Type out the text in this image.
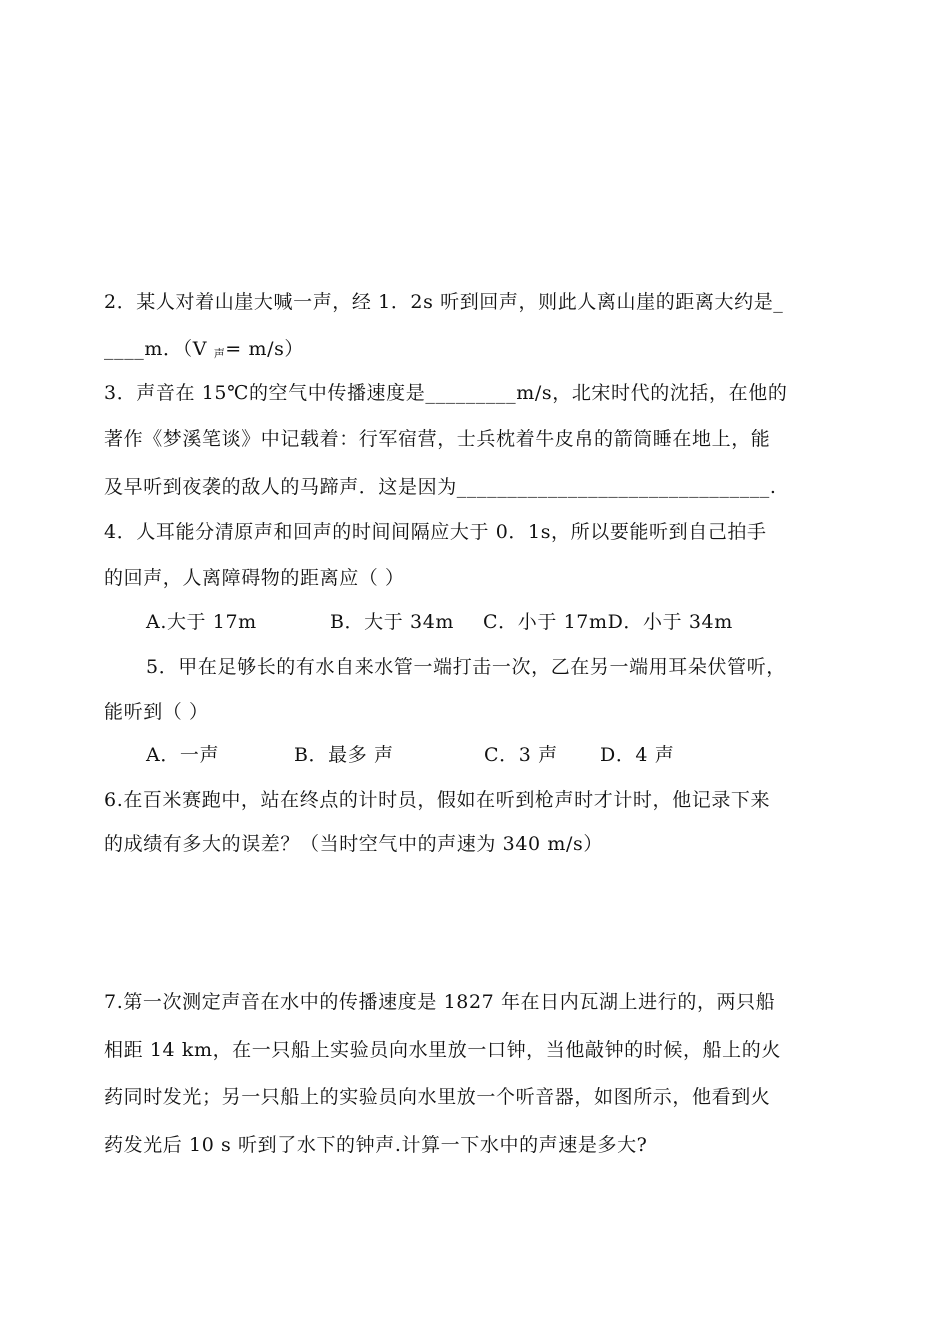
2．某人对着山崖大喊一声，经 1．2s 听到回声，则此人离山崖的距离大约是_
____m．（V 声= m/s）
3．声音在 15℃的空气中传播速度是_________m/s，北宋时代的沈括，在他的
著作《梦溪笔谈》中记载着：行军宿营，士兵枕着牛皮帛的箭筒睡在地上，能
及早听到夜袭的敌人的马蹄声．这是因为_______________________________.
4．人耳能分清原声和回声的时间间隔应大于 0．1s，所以要能听到自己拍手
的回声，人离障碍物的距离应（ ）
A.大于 17m	B．大于 34m C．小于 17mD．小于 34m
5．甲在足够长的有水自来水管一端打击一次，乙在另一端用耳朵伏管听，
能听到（ ）
A．一声	B．最多 声	C．3 声 D．4 声
6.在百米赛跑中，站在终点的计时员，假如在听到枪声时才计时，他记录下来
的成绩有多大的误差？（当时空气中的声速为 340 m/s）
7.第一次测定声音在水中的传播速度是 1827 年在日内瓦湖上进行的，两只船
相距 14 km，在一只船上实验员向水里放一口钟，当他敲钟的时候，船上的火
药同时发光；另一只船上的实验员向水里放一个听音器，如图所示，他看到火
药发光后 10 s 听到了水下的钟声.计算一下水中的声速是多大?
